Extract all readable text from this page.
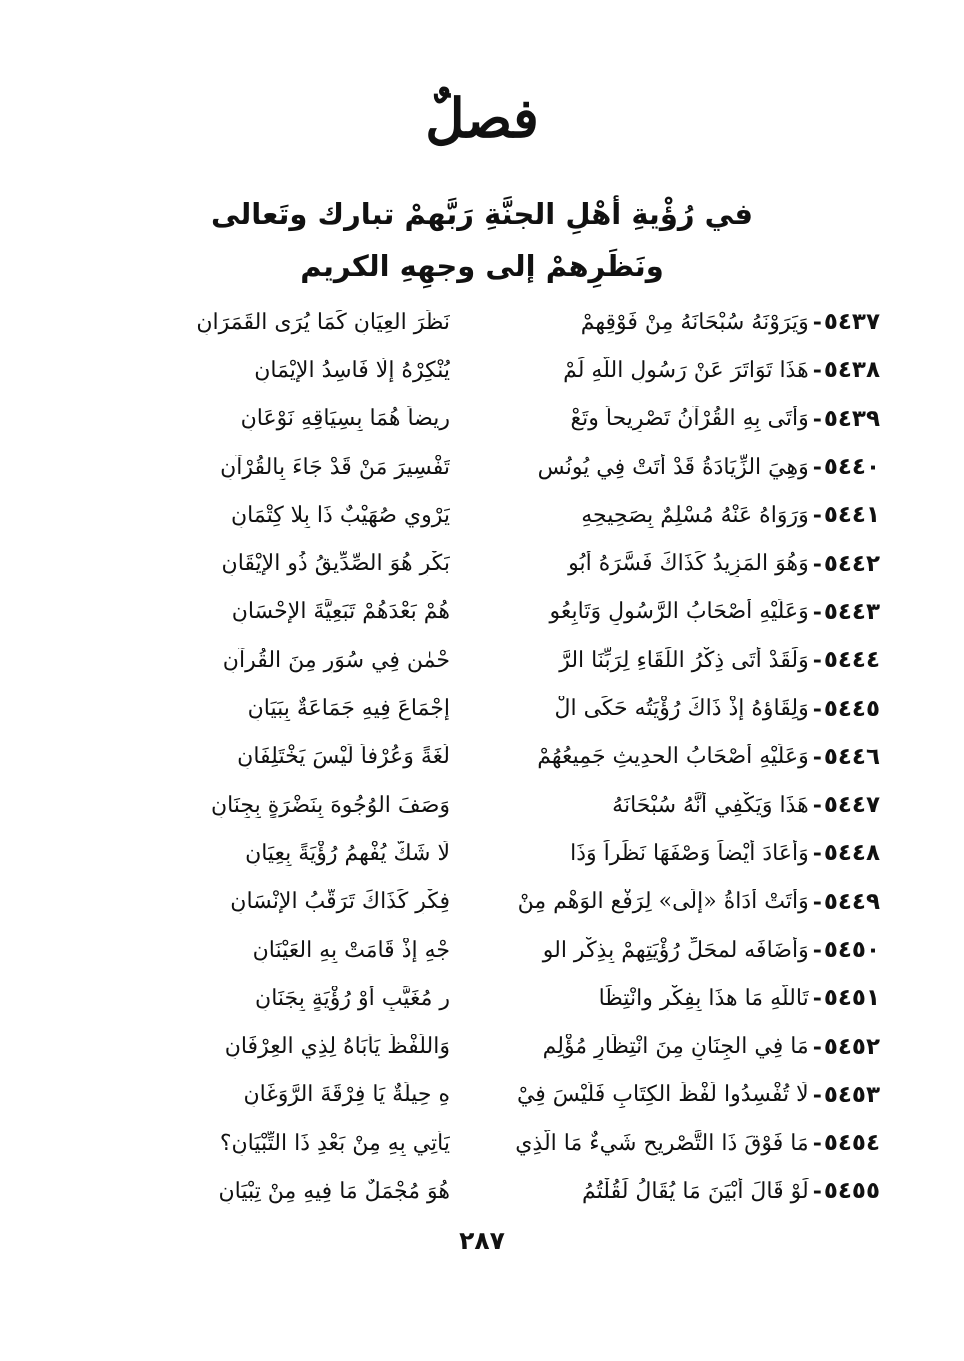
فصلٌ
في رُؤْيةِ أهْلِ الجنَّةِ رَبَّهمْ تبارك وتَعالى
ونَظَرِهمْ إلى وجهِهِ الكريم
٥٤٣٧
-
وَيَرَوْنَهُ سُبْحَانَهُ مِنْ فَوْقِهِمْ
نَظَرَ العِيَانِ كَمَا يُرَى القَمَرَانِ
٥٤٣٨
-
هَذَا تَوَاتَرَ عَنْ رَسُولِ اللَّهِ لَمْ
يُنْكِرْهُ إلَّا فَاسِدُ الإيْمَانِ
٥٤٣٩
-
وَأتَى بِهِ القُرْآنُ تَصْرِيحاً وتَعْ
رِيضاً هُمَا بِسِيَاقِهِ نَوْعَانِ
٥٤٤٠
-
وَهِيَ الزِّيَادَةُ قَدْ أتَتْ فِي يُونُسٍ
تَفْسِيرَ مَنْ قَدْ جَاءَ بِالقُرْآنِ
٥٤٤١
-
وَرَوَاهُ عَنْهُ مُسْلِمٌ بِصَحِيحِهِ
يَرْوِي صُهَيْبٌ ذَا بِلا كِتْمَانِ
٥٤٤٢
-
وَهُوَ المَزِيدُ كَذَاكَ فَسَّرَهُ أبُو
بَكْرٍ هُوَ الصِّدِّيقُ ذُو الإيْقَانِ
٥٤٤٣
-
وَعَلَيْهِ أصْحَابُ الرَّسُولِ وَتَابِعُو
هُمْ بَعْدَهُمْ تَبَعِيَّةَ الإحْسَانِ
٥٤٤٤
-
وَلَقَدْ أتَى ذِكْرُ اللِّقَاءِ لِرَبِّنَا الرَّ
حْمٰنِ فِي سُوَرٍ مِنَ القُرآنِ
٥٤٤٥
-
وَلِقَاؤهُ إذْ ذَاكَ رُؤْيَتُه حَكَى الْ
إجْمَاعَ فِيهِ جَمَاعَةٌ بِبَيَانِ
٥٤٤٦
-
وَعَلَيْهِ أصْحَابُ الحدِيثِ جَمِيعُهُمْ
لُغَةً وَعُرْفاً لَيْسَ يَخْتَلِفَانِ
٥٤٤٧
-
هَذَا وَيَكْفِي أنَّهُ سُبْحَانَهُ
وَصَفَ الوُجُوهَ بِنَضْرَةٍ بِجِنَانِ
٥٤٤٨
-
وَأعَادَ أيْضاً وَصْفَهَا نَظَراً وَذَا
لَا شَكَّ يُفْهِمُ رُؤْيَةً بِعِيَانِ
٥٤٤٩
-
وَأتَتْ أدَاةُ «إلَى» لِرَفْعِ الوَهْمِ مِنْ
فِكْرٍ كَذَاكَ تَرَقُّبُ الإنْسَانِ
٥٤٥٠
-
وَأضَافَه لمحَلِّ رُؤْيَتِهِمْ بِذِكْرِ الو
جْهِ إذْ قَامَتْ بِهِ العَيْنَانِ
٥٤٥١
-
تَاللَّهِ مَا هذَا بِفِكْرٍ وانْتِظَا
رِ مُغَيَّبٍ أوْ رُؤْيَةٍ بِجَنَانِ
٥٤٥٢
-
مَا فِي الجِنَانِ مِنَ انْتِظَارٍ مُؤْلِمٍ
وَاللَفْظُ يَأْبَاهُ لِذِي العِرْفَانِ
٥٤٥٣
-
لَا تُفْسِدُوا لَفْظَ الكِتَابِ فَلَيْسَ فِيْ
هِ حِيلَةٌ يَا فِرْقَةَ الرَّوَغَانِ
٥٤٥٤
-
مَا فَوْقَ ذَا التَّصْرِيحِ شَيءٌ مَا الَّذِي
يَأْتِي بِهِ مِنْ بَعْدِ ذَا التِّبْيَانِ؟
٥٤٥٥
-
لَوْ قَالَ أبْيَنَ مَا يُقَالُ لَقُلْتُمُ
هُوَ مُجْمَلٌ مَا فِيهِ مِنْ تِبْيَانِ
٢٨٧
